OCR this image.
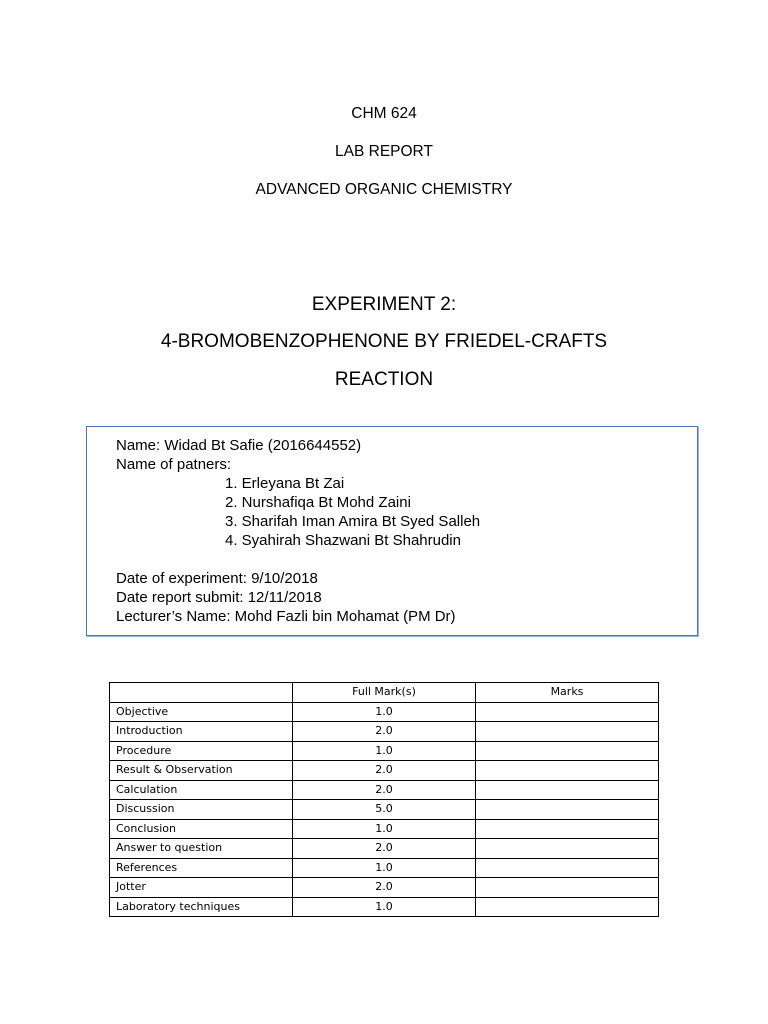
CHM 624

LAB REPORT

ADVANCED ORGANIC CHEMISTRY

EXPERIMENT 2:

4-BROMOBENZOPHENONE BY FRIEDEL-CRAFTS

REACTION

Name: Widad Bt Safie (2016644552)
Name of patners:
1. Erleyana Bt Zai
2. Nurshafiqa Bt Mohd Zaini
3. Sharifah Iman Amira Bt Syed Salleh
4. Syahirah Shazwani Bt Shahrudin
Date of experiment: 9/10/2018
Date report submit: 12/11/2018
Lecturer’s Name: Mohd Fazli bin Mohamat (PM Dr)
	Full Mark(s)	Marks
Objective	1.0	
Introduction	2.0	
Procedure	1.0	
Result & Observation	2.0	
Calculation	2.0	
Discussion	5.0	
Conclusion	1.0	
Answer to question	2.0	
References	1.0	
Jotter	2.0	
Laboratory techniques	1.0	
